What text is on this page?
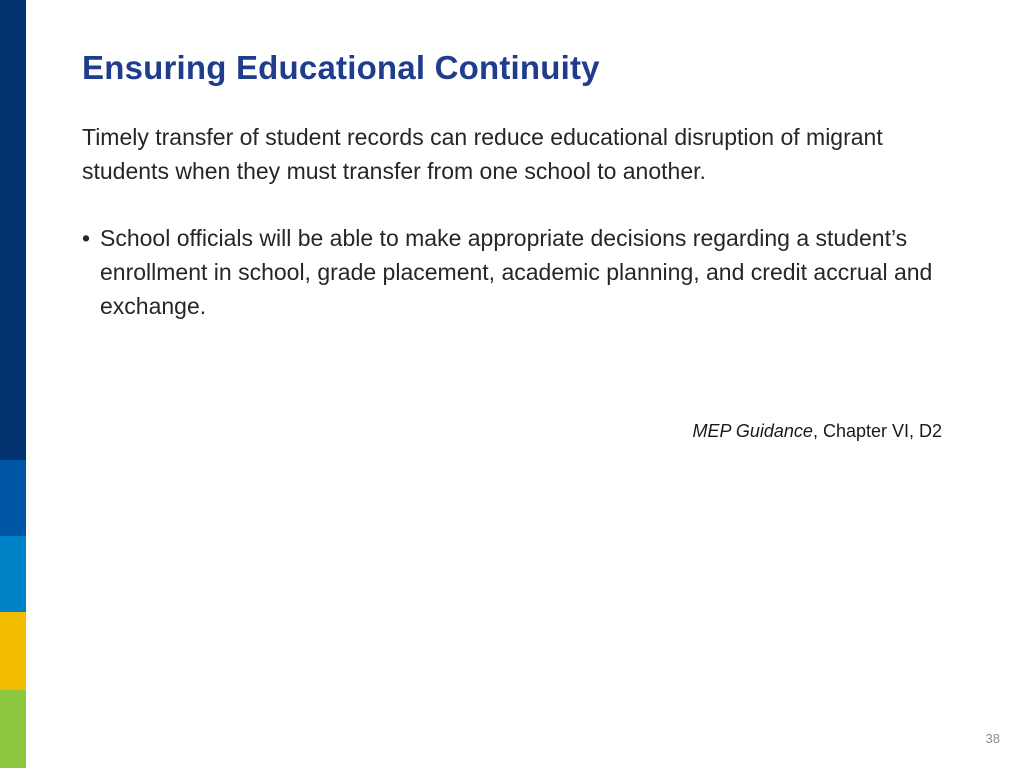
Ensuring Educational Continuity

Timely transfer of student records can reduce educational disruption of migrant students when they must transfer from one school to another.

• School officials will be able to make appropriate decisions regarding a student’s enrollment in school, grade placement, academic planning, and credit accrual and exchange.
MEP Guidance, Chapter VI, D2
38
